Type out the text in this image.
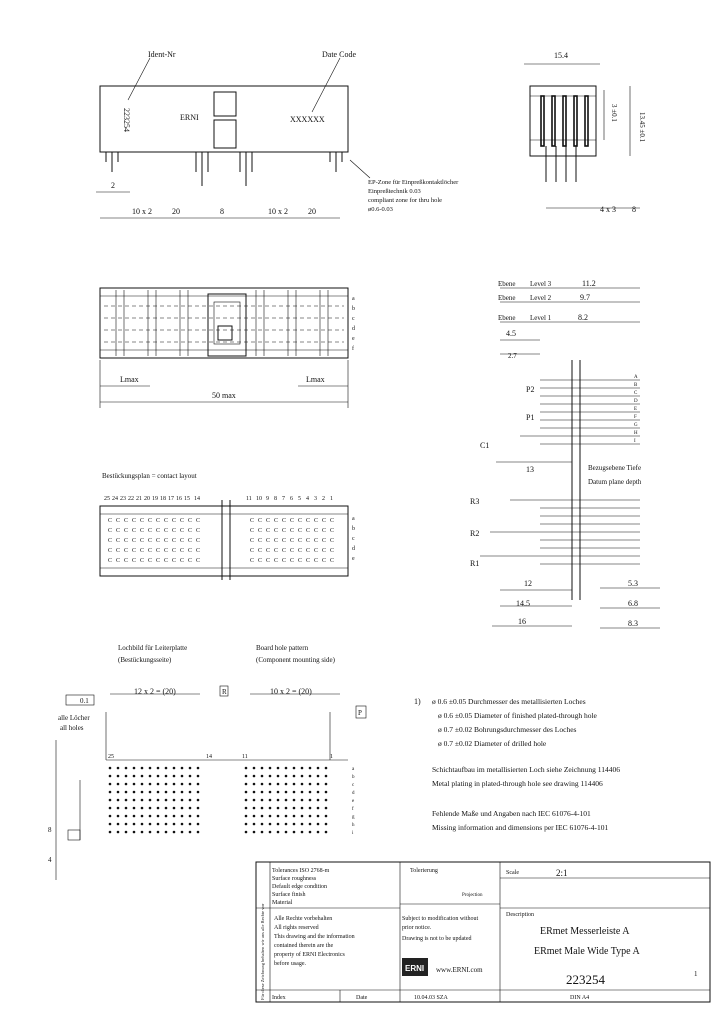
Ident-Nr	Date Code
223254	ERNI	XXXXXX
EP-Zone für Einpreßkontaktlöcher
Einpreßtechnik 0.03
compliant zone for thru hole
ø0.6-0.03
2
10 x 2	20	8	10 x 2	20
15.4
3 ±0.1	13.45 ±0.1
4 x 3 8
a
b
c
d
e
f
Lmax	Lmax
50 max
Ebene Level 3
Ebene Level 2
Ebene Level 1
11.2
9.7
8.2
4.5
2.7
A
B
C
D
E
F
G
H
I
P2
P1
C1
13	Bezugsebene Tiefe
Datum plane depth
R3
R2
R1
12
14.5
16
5.3
6.8
8.3
Bestückungsplan = contact layout
25 24 23 22 21 20 19 18 17 16 15 14	11 10 9 8 7 6 5 4 3 2 1
C
C
C
C
C
C
C
C
C
C
C
C
C
C
C
C
C
C
C
C
C
C
C
C
C
C
C
C
C
C
C
C
C
C
C
C
C
C
C
C
C
C
C
C
C
C
C
C
C
C
C
C
C
C
C
C
C
C
C
C
C
C
C
C
C
C
C
C
C
C
C
C
C
C
C
C
C
C
C
C
C
C
C
C
C
C
C
C
C
C
C
C
C
C
C
C
C
C
C
C
C
C
C
C
C
C
C
C
C
C
C
C
C
C
C
a
b
c
d
e
Lochbild für Leiterplatte
(Bestückungsseite)
Board hole pattern
(Component mounting side)
0.1
alle Löcher
all holes
12 x 2 = (20)	R	10 x 2 = (20)
P
25	14	11	1
a
b
c
d
e
f
g
h
i
8
4
1) ø 0.6 ±0.05 Durchmesser des metallisierten Loches
ø 0.6 ±0.05 Diameter of finished plated-through hole
ø 0.7 ±0.02 Bohrungsdurchmesser des Loches
ø 0.7 ±0.02 Diameter of drilled hole
Schichtaufbau im metallisierten Loch siehe Zeichnung 114406
Metal plating in plated-through hole see drawing 114406
Fehlende Maße und Angaben nach IEC 61076-4-101
Missing information and dimensions per IEC 61076-4-101
Für diese Zeichnung behalten wir uns alle Rechte vor
Tolerances ISO 2768-m
Surface roughness
Default edge condition
Surface finish
Material
Tolerierung
Projection
Scale	2:1
Alle Rechte vorbehalten
All rights reserved
This drawing and the information
contained therein are the
property of ERNI Electronics
before usage.
Subject to modification without
prior notice.
Drawing is not to be updated
ERNI www.ERNI.com
Description
ERmet Messerleiste A
ERmet Male Wide Type A
223254	1
Index	Date	10.04.03 SZA	DIN A4
